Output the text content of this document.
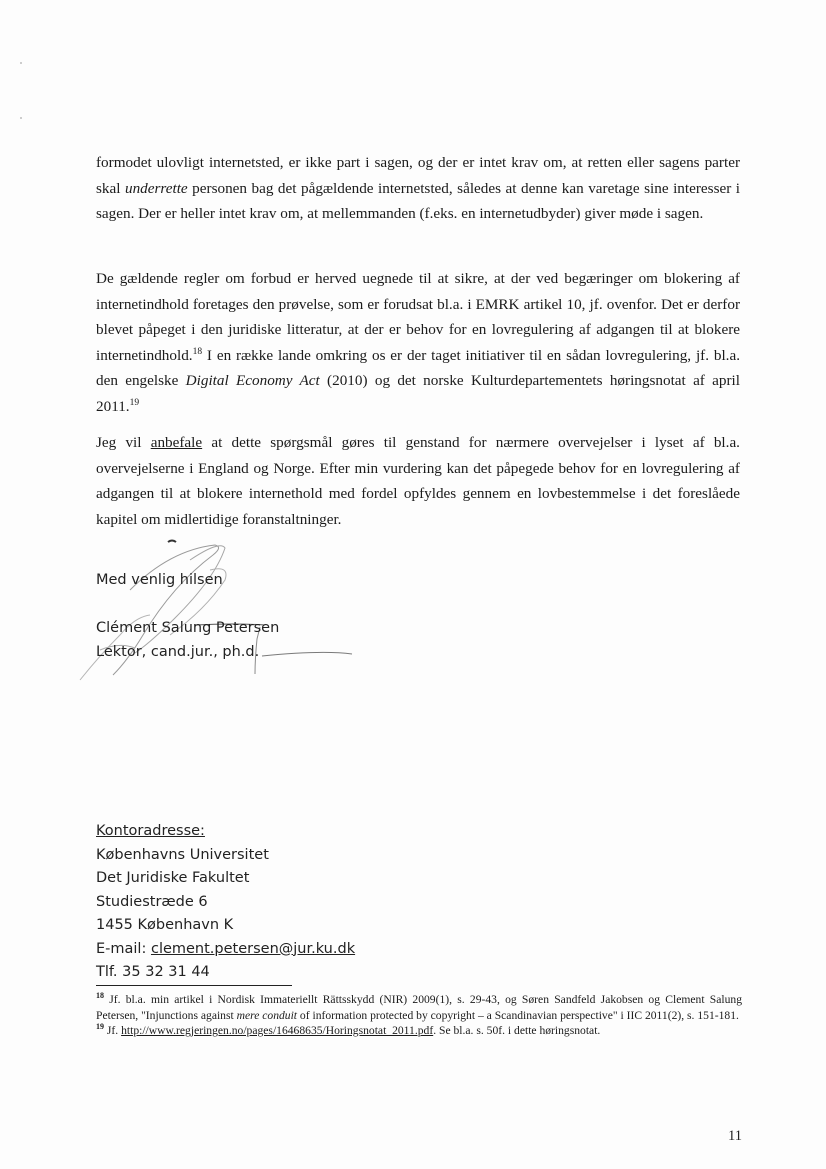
formodet ulovligt internetsted, er ikke part i sagen, og der er intet krav om, at retten eller sagens parter skal underrette personen bag det pågældende internetsted, således at denne kan varetage sine interesser i sagen. Der er heller intet krav om, at mellemmanden (f.eks. en internetudbyder) giver møde i sagen.

De gældende regler om forbud er herved uegnede til at sikre, at der ved begæringer om blokering af internetindhold foretages den prøvelse, som er forudsat bl.a. i EMRK artikel 10, jf. ovenfor. Det er derfor blevet påpeget i den juridiske litteratur, at der er behov for en lovregulering af adgangen til at blokere internetindhold.$^{18}$ I en række lande omkring os er der taget initiativer til en sådan lovregulering, jf. bl.a. den engelske Digital Economy Act (2010) og det norske Kulturdepartementets høringsnotat af april 2011.19

Jeg vil anbefale at dette spørgsmål gøres til genstand for nærmere overvejelser i lyset af bl.a. overvejelserne i England og Norge. Efter min vurdering kan det påpegede behov for en lovregulering af adgangen til at blokere internethold med fordel opfyldes gennem en lovbestemmelse i det foreslåede kapitel om midlertidige foranstaltninger.

Med venlig hilsen
Clément Salung Petersen
Lektor, cand.jur., ph.d.
Kontoradresse:
Københavns Universitet
Det Juridiske Fakultet
Studiestræde 6
1455 København K
E-mail: clement.petersen@jur.ku.dk
Tlf. 35 32 31 44

$^{18}$ Jf. bl.a. min artikel i Nordisk Immateriellt Rättsskydd (NIR) 2009(1), s. 29-43, og Søren Sandfeld Jakobsen og Clement Salung Petersen, "Injunctions against mere conduit of information protected by copyright – a Scandinavian perspective" i IIC 2011(2), s. 151-181.

$^{19}$ Jf. http://www.regjeringen.no/pages/16468635/Horingsnotat_2011.pdf. Se bl.a. s. 50f. i dette høringsnotat.

11
